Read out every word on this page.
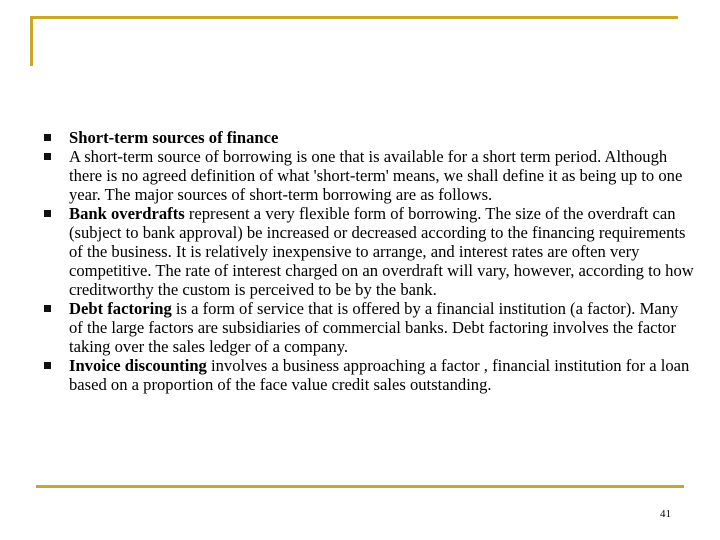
Short-term sources of finance
A short-term source of borrowing is one that is available for a short term period. Although there is no agreed definition of what 'short-term' means, we shall define it as being up to one year. The major sources of short-term borrowing are as follows.
Bank overdrafts represent a very flexible form of borrowing. The size of the overdraft can (subject to bank approval) be increased or decreased according to the financing requirements of the business. It is relatively inexpensive to arrange, and interest rates are often very competitive. The rate of interest charged on an overdraft will vary, however, according to how creditworthy the custom is perceived to be by the bank.
Debt factoring is a form of service that is offered by a financial institution (a factor). Many of the large factors are subsidiaries of commercial banks. Debt factoring involves the factor taking over the sales ledger of a company.
Invoice discounting involves a business approaching a factor , financial institution for a loan based on a proportion of the face value credit sales outstanding.
41
